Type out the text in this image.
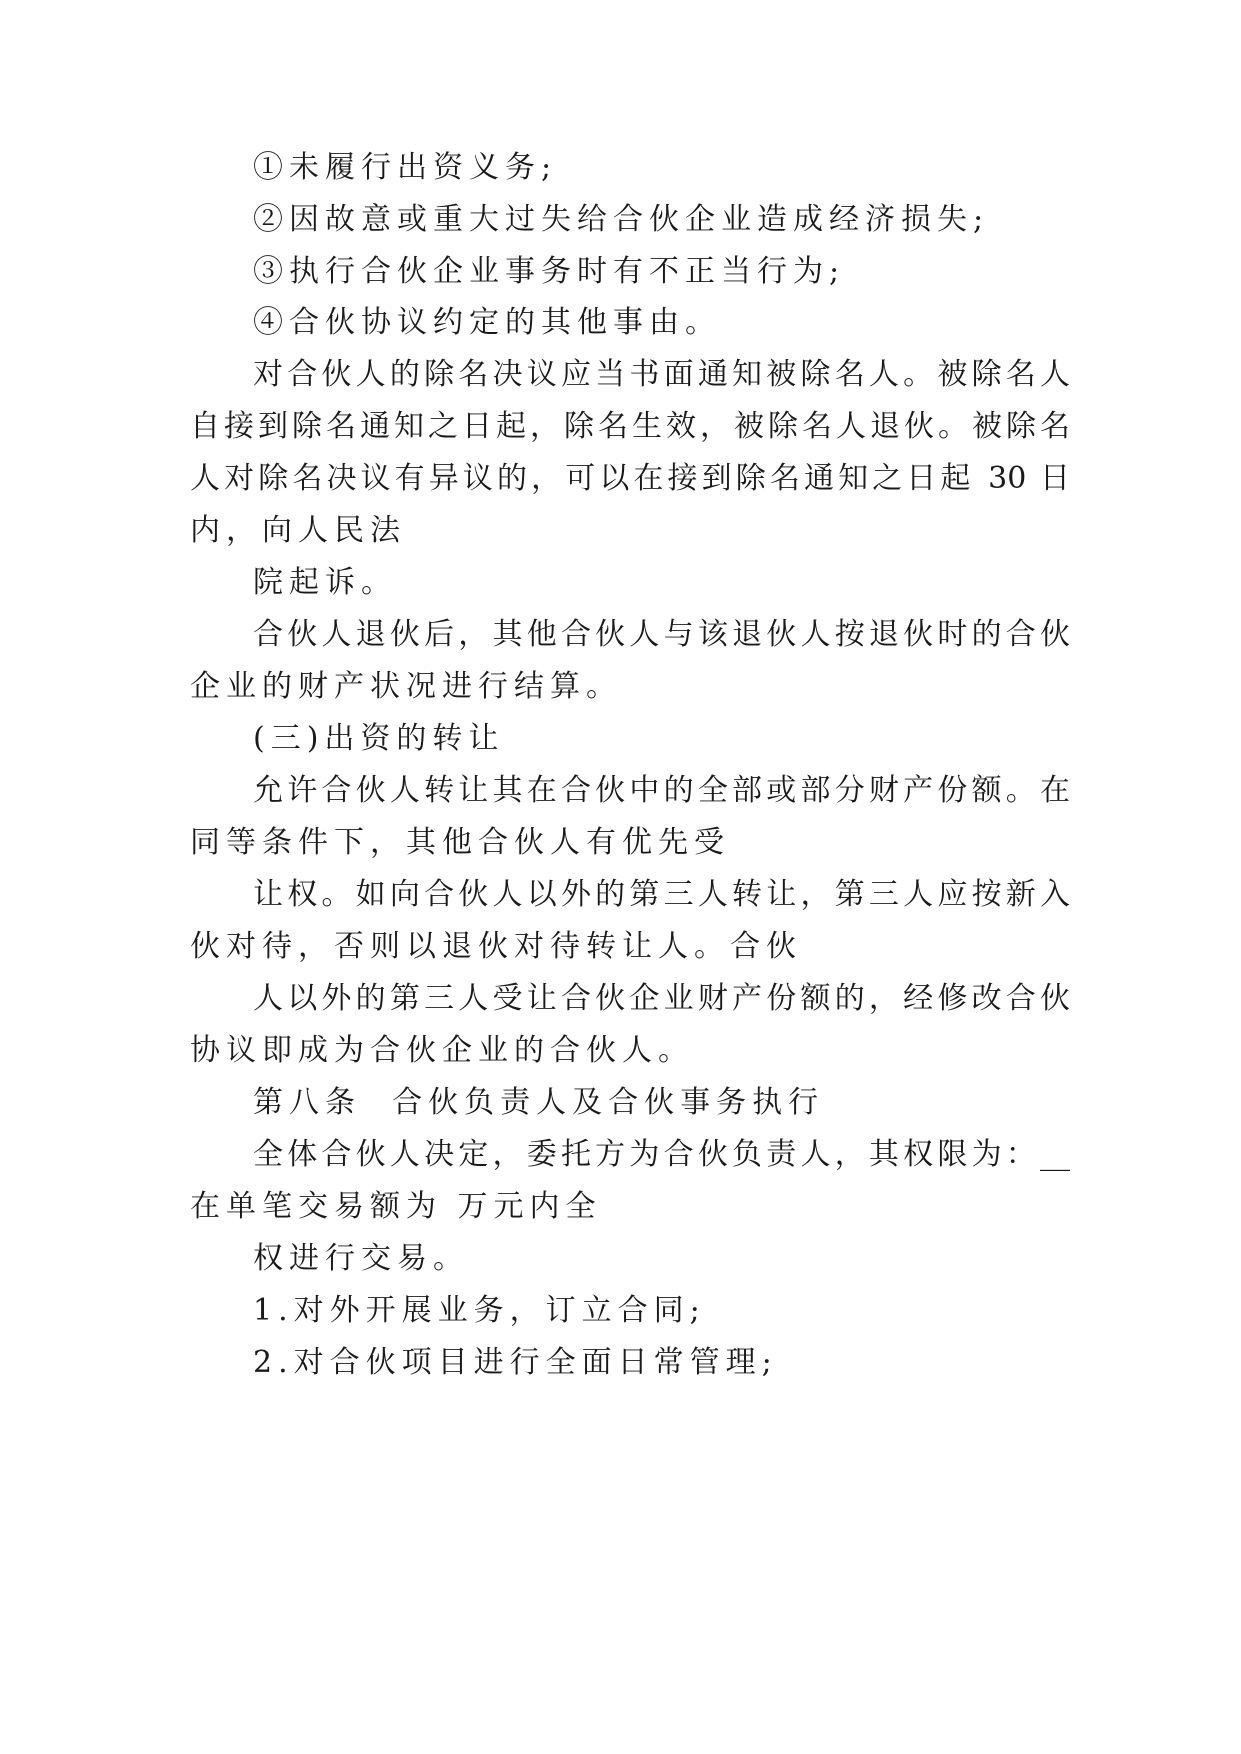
①未履行出资义务;
②因故意或重大过失给合伙企业造成经济损失;
③执行合伙企业事务时有不正当行为;
④合伙协议约定的其他事由。
对合伙人的除名决议应当书面通知被除名人。被除名人
自接到除名通知之日起，除名生效，被除名人退伙。被除名
人对除名决议有异议的，可以在接到除名通知之日起 30 日
内，向人民法
院起诉。
合伙人退伙后，其他合伙人与该退伙人按退伙时的合伙
企业的财产状况进行结算。
(三)出资的转让
允许合伙人转让其在合伙中的全部或部分财产份额。在
同等条件下，其他合伙人有优先受
让权。如向合伙人以外的第三人转让，第三人应按新入
伙对待，否则以退伙对待转让人。合伙
人以外的第三人受让合伙企业财产份额的，经修改合伙
协议即成为合伙企业的合伙人。
第八条  合伙负责人及合伙事务执行
全体合伙人决定，委托方为合伙负责人，其权限为：__
在单笔交易额为 万元内全
权进行交易。
1.对外开展业务，订立合同;
2.对合伙项目进行全面日常管理;
